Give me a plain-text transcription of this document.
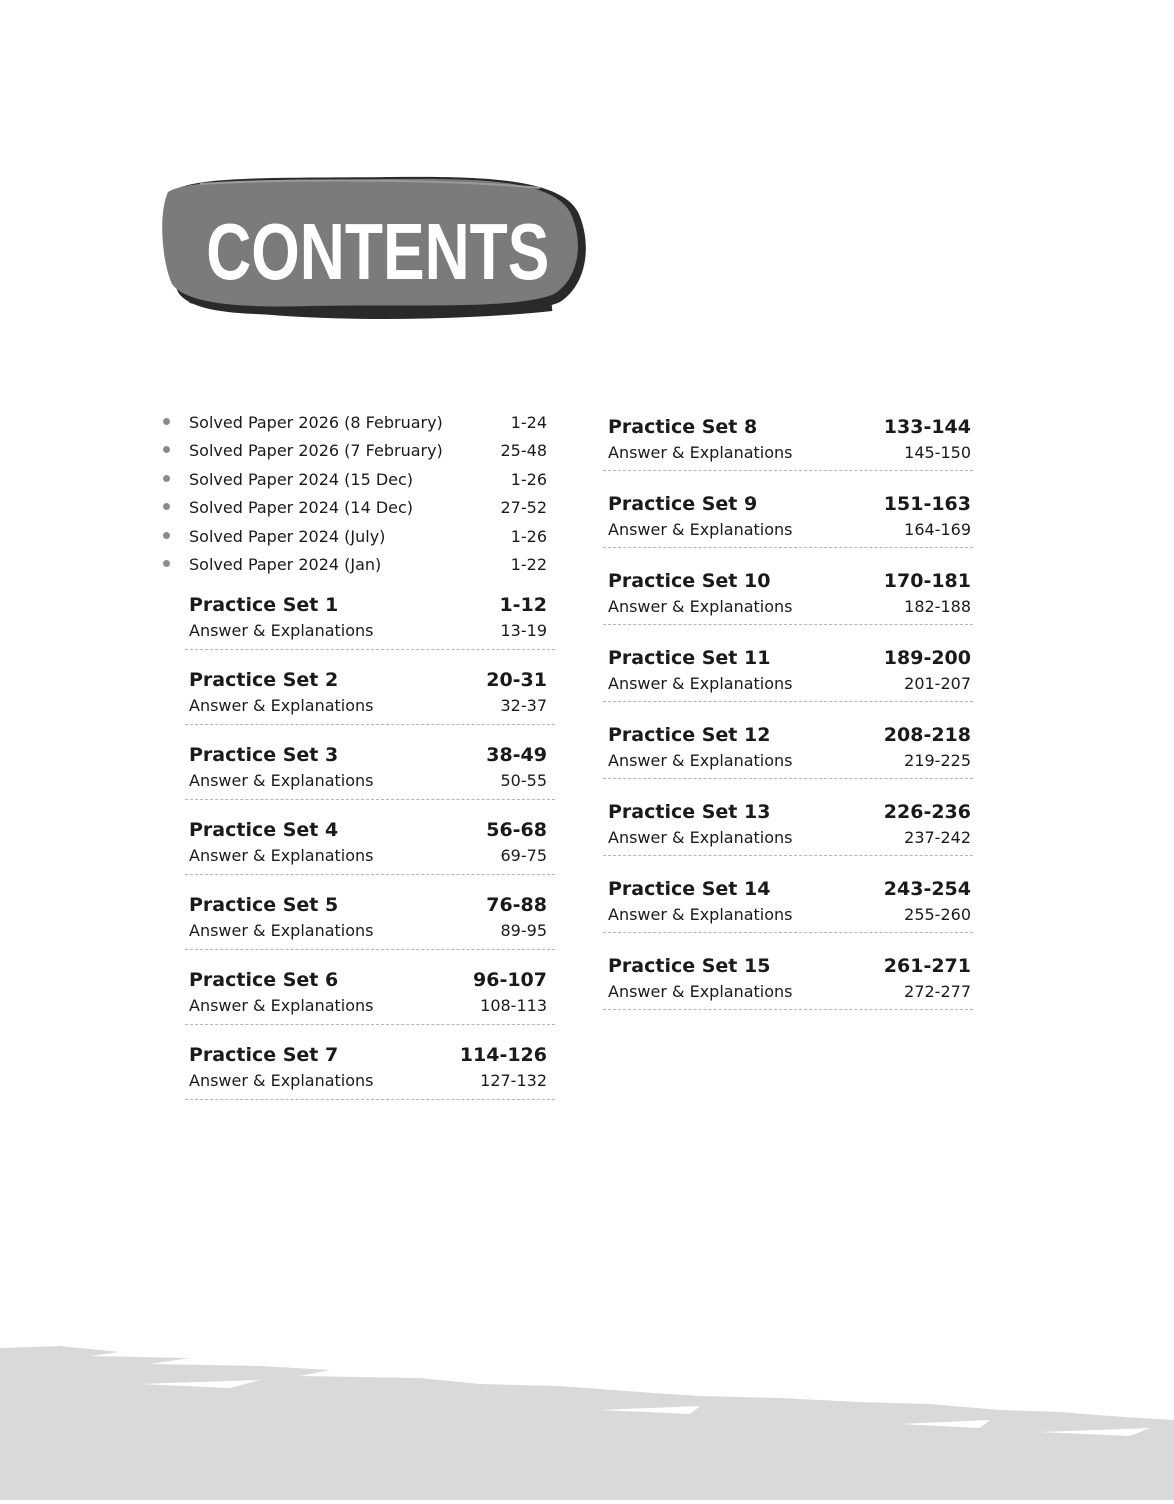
CONTENTS
Solved Paper 2026 (8 February)	1-24
Solved Paper 2026 (7 February)	25-48
Solved Paper 2024 (15 Dec)	1-26
Solved Paper 2024 (14 Dec)	27-52
Solved Paper 2024 (July)	1-26
Solved Paper 2024 (Jan)	1-22
Practice Set 1	1-12
Answer & Explanations	13-19
Practice Set 2	20-31
Answer & Explanations	32-37
Practice Set 3	38-49
Answer & Explanations	50-55
Practice Set 4	56-68
Answer & Explanations	69-75
Practice Set 5	76-88
Answer & Explanations	89-95
Practice Set 6	96-107
Answer & Explanations	108-113
Practice Set 7	114-126
Answer & Explanations	127-132
Practice Set 8	133-144
Answer & Explanations	145-150
Practice Set 9	151-163
Answer & Explanations	164-169
Practice Set 10	170-181
Answer & Explanations	182-188
Practice Set 11	189-200
Answer & Explanations	201-207
Practice Set 12	208-218
Answer & Explanations	219-225
Practice Set 13	226-236
Answer & Explanations	237-242
Practice Set 14	243-254
Answer & Explanations	255-260
Practice Set 15	261-271
Answer & Explanations	272-277
